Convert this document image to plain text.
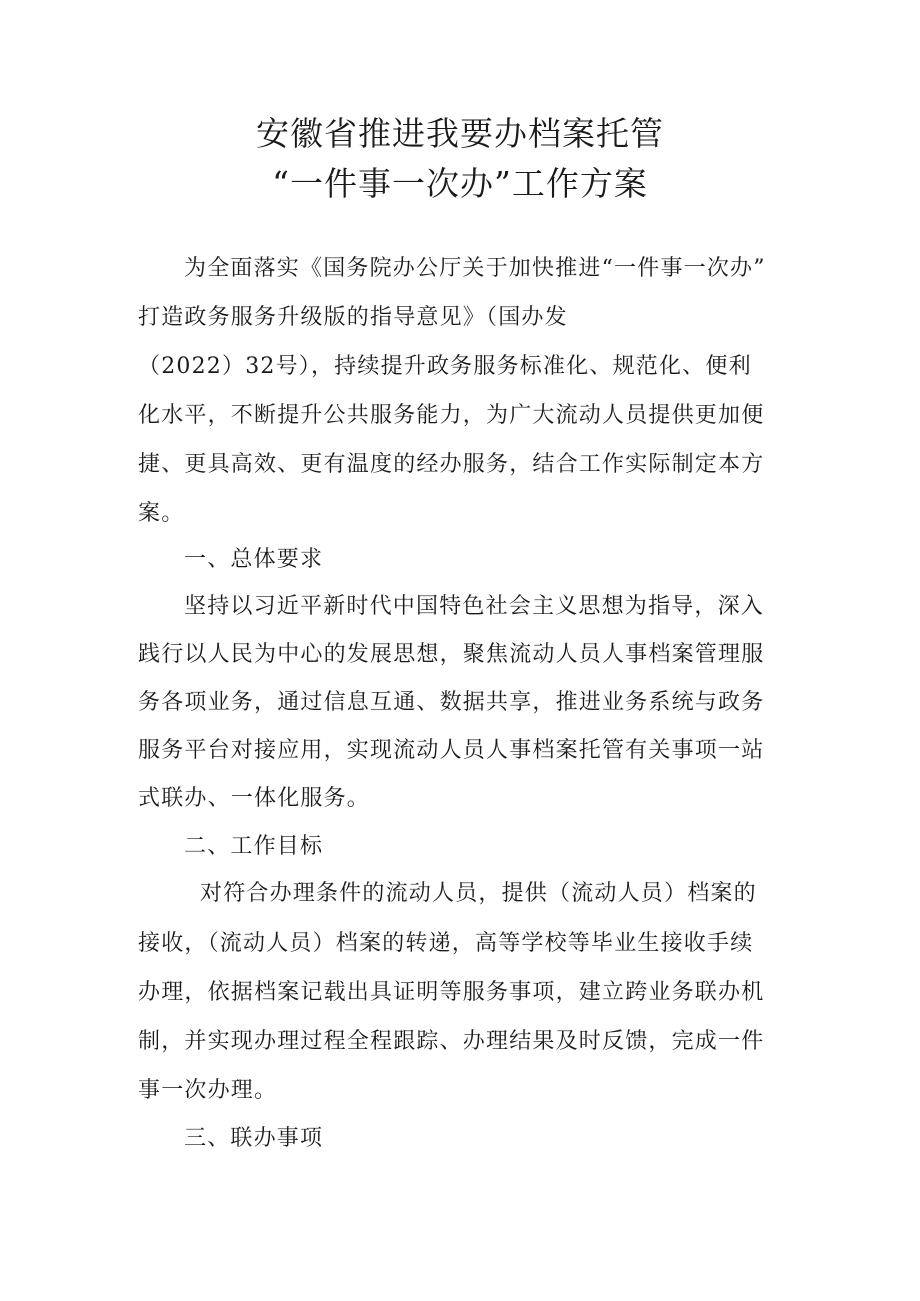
安徽省推进我要办档案托管
“一件事一次办”工作方案
为全面落实《国务院办公厅关于加快推进“一件事一次办”
打造政务服务升级版的指导意见》（国办发
（2022）32号），持续提升政务服务标准化、规范化、便利
化水平，不断提升公共服务能力，为广大流动人员提供更加便
捷、更具高效、更有温度的经办服务，结合工作实际制定本方
案。
一、总体要求
坚持以习近平新时代中国特色社会主义思想为指导，深入
践行以人民为中心的发展思想，聚焦流动人员人事档案管理服
务各项业务，通过信息互通、数据共享，推进业务系统与政务
服务平台对接应用，实现流动人员人事档案托管有关事项一站
式联办、一体化服务。
二、工作目标
对符合办理条件的流动人员，提供（流动人员）档案的
接收，（流动人员）档案的转递，高等学校等毕业生接收手续
办理，依据档案记载出具证明等服务事项，建立跨业务联办机
制，并实现办理过程全程跟踪、办理结果及时反馈，完成一件
事一次办理。
三、联办事项
